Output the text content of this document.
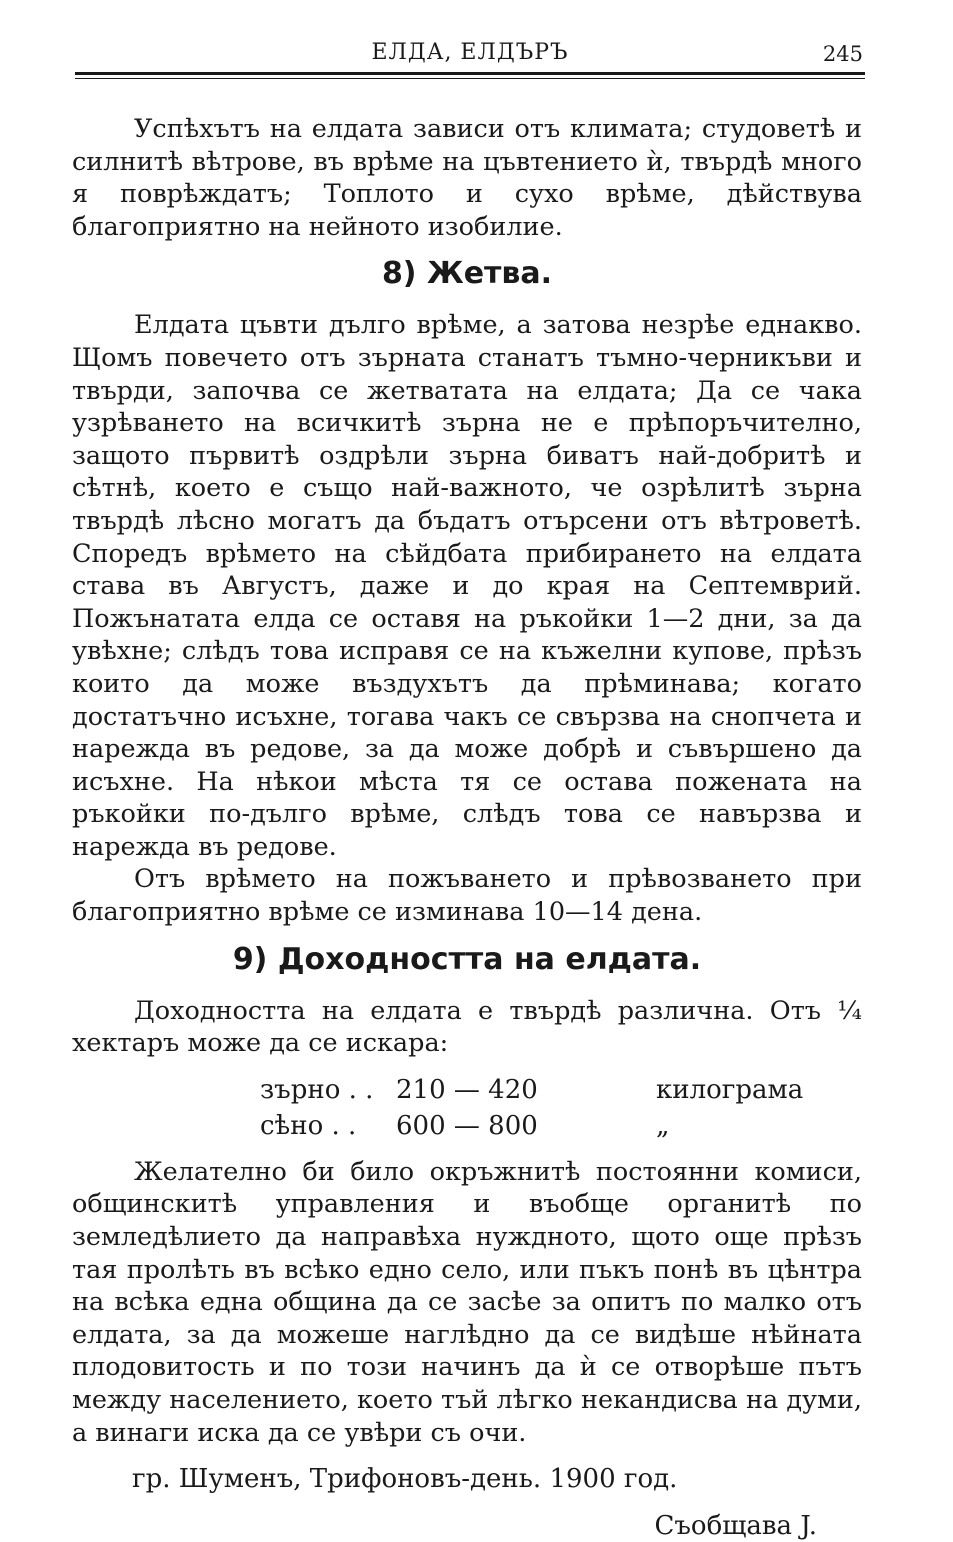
ЕЛДА, ЕЛДЪРЪ	245

Успѣхътъ на елдата зависи отъ климата; студоветѣ и силнитѣ вѣтрове, въ врѣме на цъвтението ѝ, твърдѣ много я поврѣждатъ; Топлото и сухо врѣме, дѣйствува благоприятно на нейното изобилие.

8) Жетва.

Елдата цъвти дълго врѣме, а затова незрѣе еднакво. Щомъ повечето отъ зърната станатъ тъмно-черникъви и твърди, започва се жетватата на елдата; Да се чака узрѣването на всичкитѣ зърна не е прѣпоръчително, защото първитѣ оздрѣли зърна биватъ най-добритѣ и сѣтнѣ, което е също най-важното, че озрѣлитѣ зърна твърдѣ лѣсно могатъ да бъдатъ отърсени отъ вѣтроветѣ. Споредъ врѣмето на сѣйдбата прибирането на елдата става въ Августъ, даже и до края на Септемврий. Пожънатата елда се оставя на ръкойки 1—2 дни, за да увѣхне; слѣдъ това исправя се на къжелни купове, прѣзъ които да може въздухътъ да прѣминава; когато достатъчно исъхне, тогава чакъ се свързва на снопчета и нарежда въ редове, за да може добрѣ и съвършено да исъхне. На нѣкои мѣста тя се остава пожената на ръкойки по-дълго врѣме, слѣдъ това се навързва и нарежда въ редове.

Отъ врѣмето на пожъването и прѣвозването при благоприятно врѣме се изминава 10—14 дена.

9) Доходността на елдата.

Доходността на елдата е твърдѣ различна. Отъ ¼ хектаръ може да се искара:

зърно . . 210 — 420	килограма
сѣно . .	600 — 800	„

Желателно би било окръжнитѣ постоянни комиси, общинскитѣ управления и въобще органитѣ по земледѣлието да направѣха нуждното, щото още прѣзъ тая пролѣть въ всѣко едно село, или пъкъ понѣ въ цѣнтра на всѣка една община да се засѣе за опитъ по малко отъ елдата, за да можеше наглѣдно да се видѣше нѣйната плодовитость и по този начинъ да ѝ се отворѣше пътъ между населението, което тъй лѣгко некандисва на думи, а винаги иска да се увѣри съ очи.

гр. Шуменъ, Трифоновъ-день. 1900 год.
Съобщава J.
